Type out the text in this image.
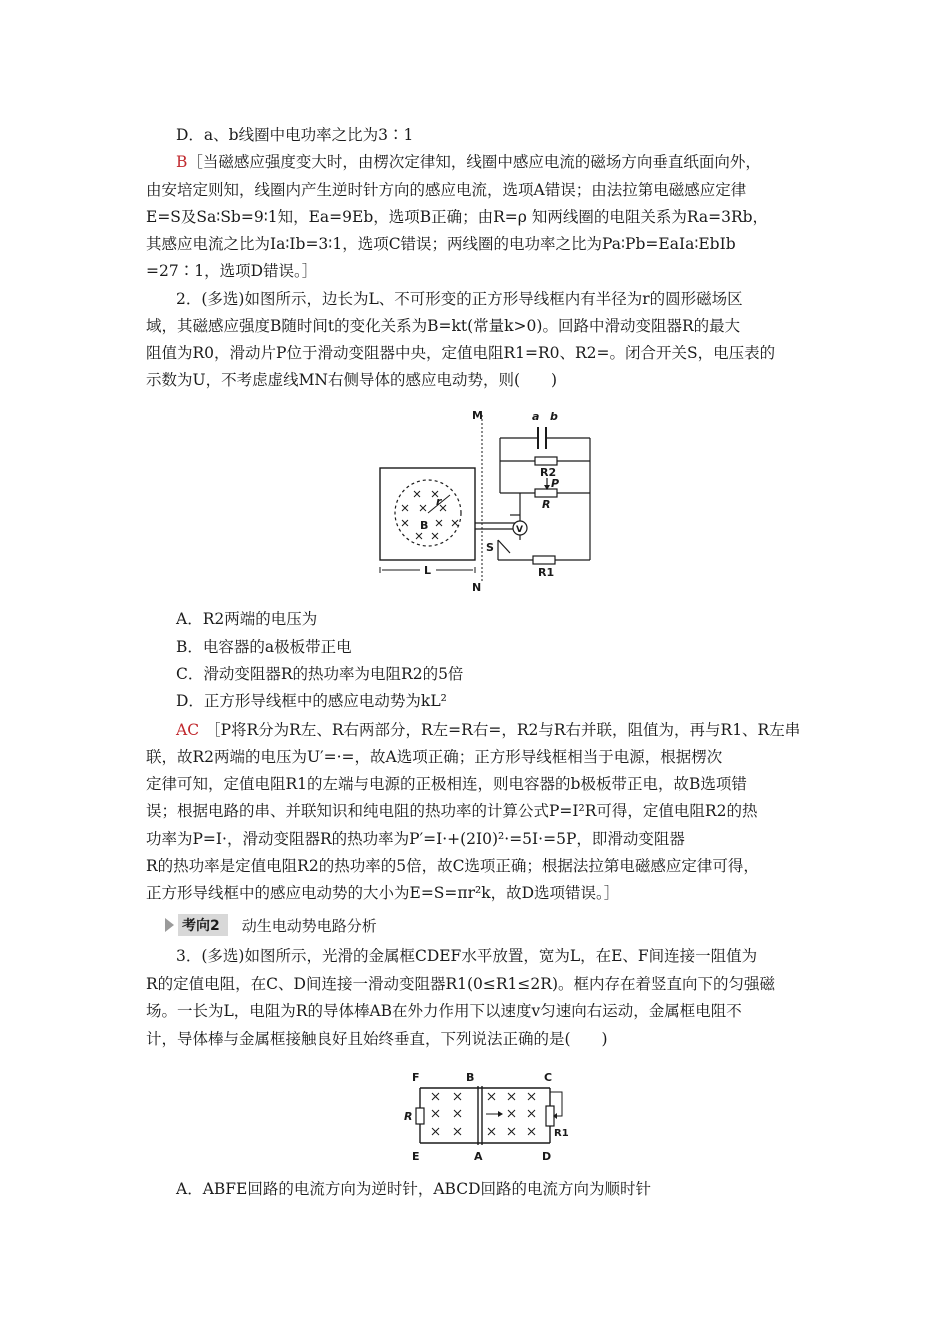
D．a、b线圈中电功率之比为3∶1
B［当磁感应强度变大时，由楞次定律知，线圈中感应电流的磁场方向垂直纸面向外，
由安培定则知，线圈内产生逆时针方向的感应电流，选项A错误；由法拉第电磁感应定律
E=S及Sa∶Sb=9∶1知，Ea=9Eb，选项B正确；由R=ρ 知两线圈的电阻关系为Ra=3Rb，
其感应电流之比为Ia∶Ib=3∶1，选项C错误；两线圈的电功率之比为Pa∶Pb=EaIa∶EbIb
=27∶1，选项D错误。］
2．(多选)如图所示，边长为L、不可形变的正方形导线框内有半径为r的圆形磁场区
域，其磁感应强度B随时间t的变化关系为B=kt(常量k>0)。回路中滑动变阻器R的最大
阻值为R0，滑动片P位于滑动变阻器中央，定值电阻R1=R0、R2=。闭合开关S，电压表的
示数为U，不考虑虚线MN右侧导体的感应电动势，则(　　)
r
B
L
M
N
a b
R2
P
R
V
S
R1
A．R2两端的电压为
B．电容器的a极板带正电
C．滑动变阻器R的热功率为电阻R2的5倍
D．正方形导线框中的感应电动势为kL²
AC ［P将R分为R左、R右两部分，R左=R右=，R2与R右并联，阻值为，再与R1、R左串
联，故R2两端的电压为U′=·=，故A选项正确；正方形导线框相当于电源，根据楞次
定律可知，定值电阻R1的左端与电源的正极相连，则电容器的b极板带正电，故B选项错
误；根据电路的串、并联知识和纯电阻的热功率的计算公式P=I²R可得，定值电阻R2的热
功率为P=I·，滑动变阻器R的热功率为P′=I·+(2I0)²·=5I·=5P，即滑动变阻器
R的热功率是定值电阻R2的热功率的5倍，故C选项正确；根据法拉第电磁感应定律可得，
正方形导线框中的感应电动势的大小为E=S=πr²k，故D选项错误。］
考向2	动生电动势电路分析
3．(多选)如图所示，光滑的金属框CDEF水平放置，宽为L，在E、F间连接一阻值为
R的定值电阻，在C、D间连接一滑动变阻器R1(0≤R1≤2R)。框内存在着竖直向下的匀强磁
场。一长为L，电阻为R的导体棒AB在外力作用下以速度v匀速向右运动，金属框电阻不
计，导体棒与金属框接触良好且始终垂直，下列说法正确的是(　　)
F	B	C
E	A	D
R
R1
A．ABFE回路的电流方向为逆时针，ABCD回路的电流方向为顺时针
